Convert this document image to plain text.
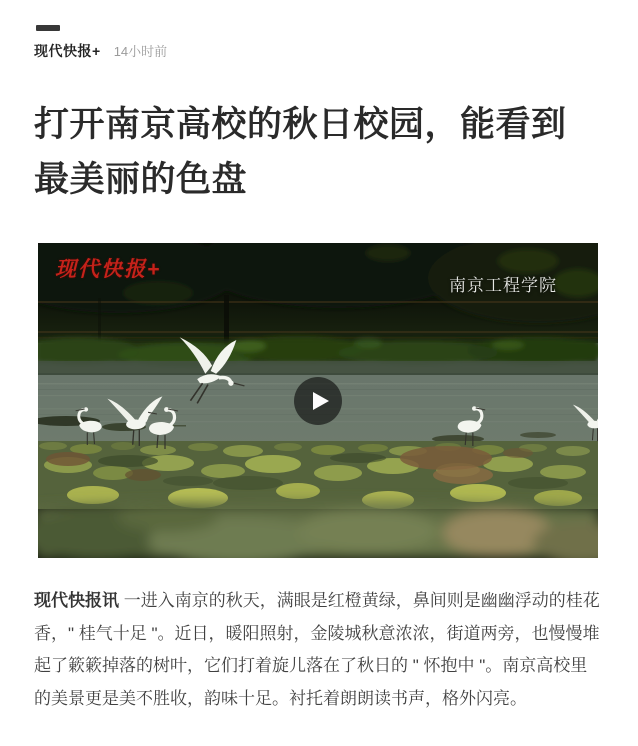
现代快报+ 14小时前
打开南京高校的秋日校园，能看到最美丽的色盘
现代快报+
南京工程学院

现代快报讯 一进入南京的秋天，满眼是红橙黄绿，鼻间则是幽幽浮动的桂花香，" 桂气十足 "。近日，暖阳照射，金陵城秋意浓浓，街道两旁，也慢慢堆起了簌簌掉落的树叶，它们打着旋儿落在了秋日的 " 怀抱中 "。南京高校里的美景更是美不胜收，韵味十足。衬托着朗朗读书声，格外闪亮。
